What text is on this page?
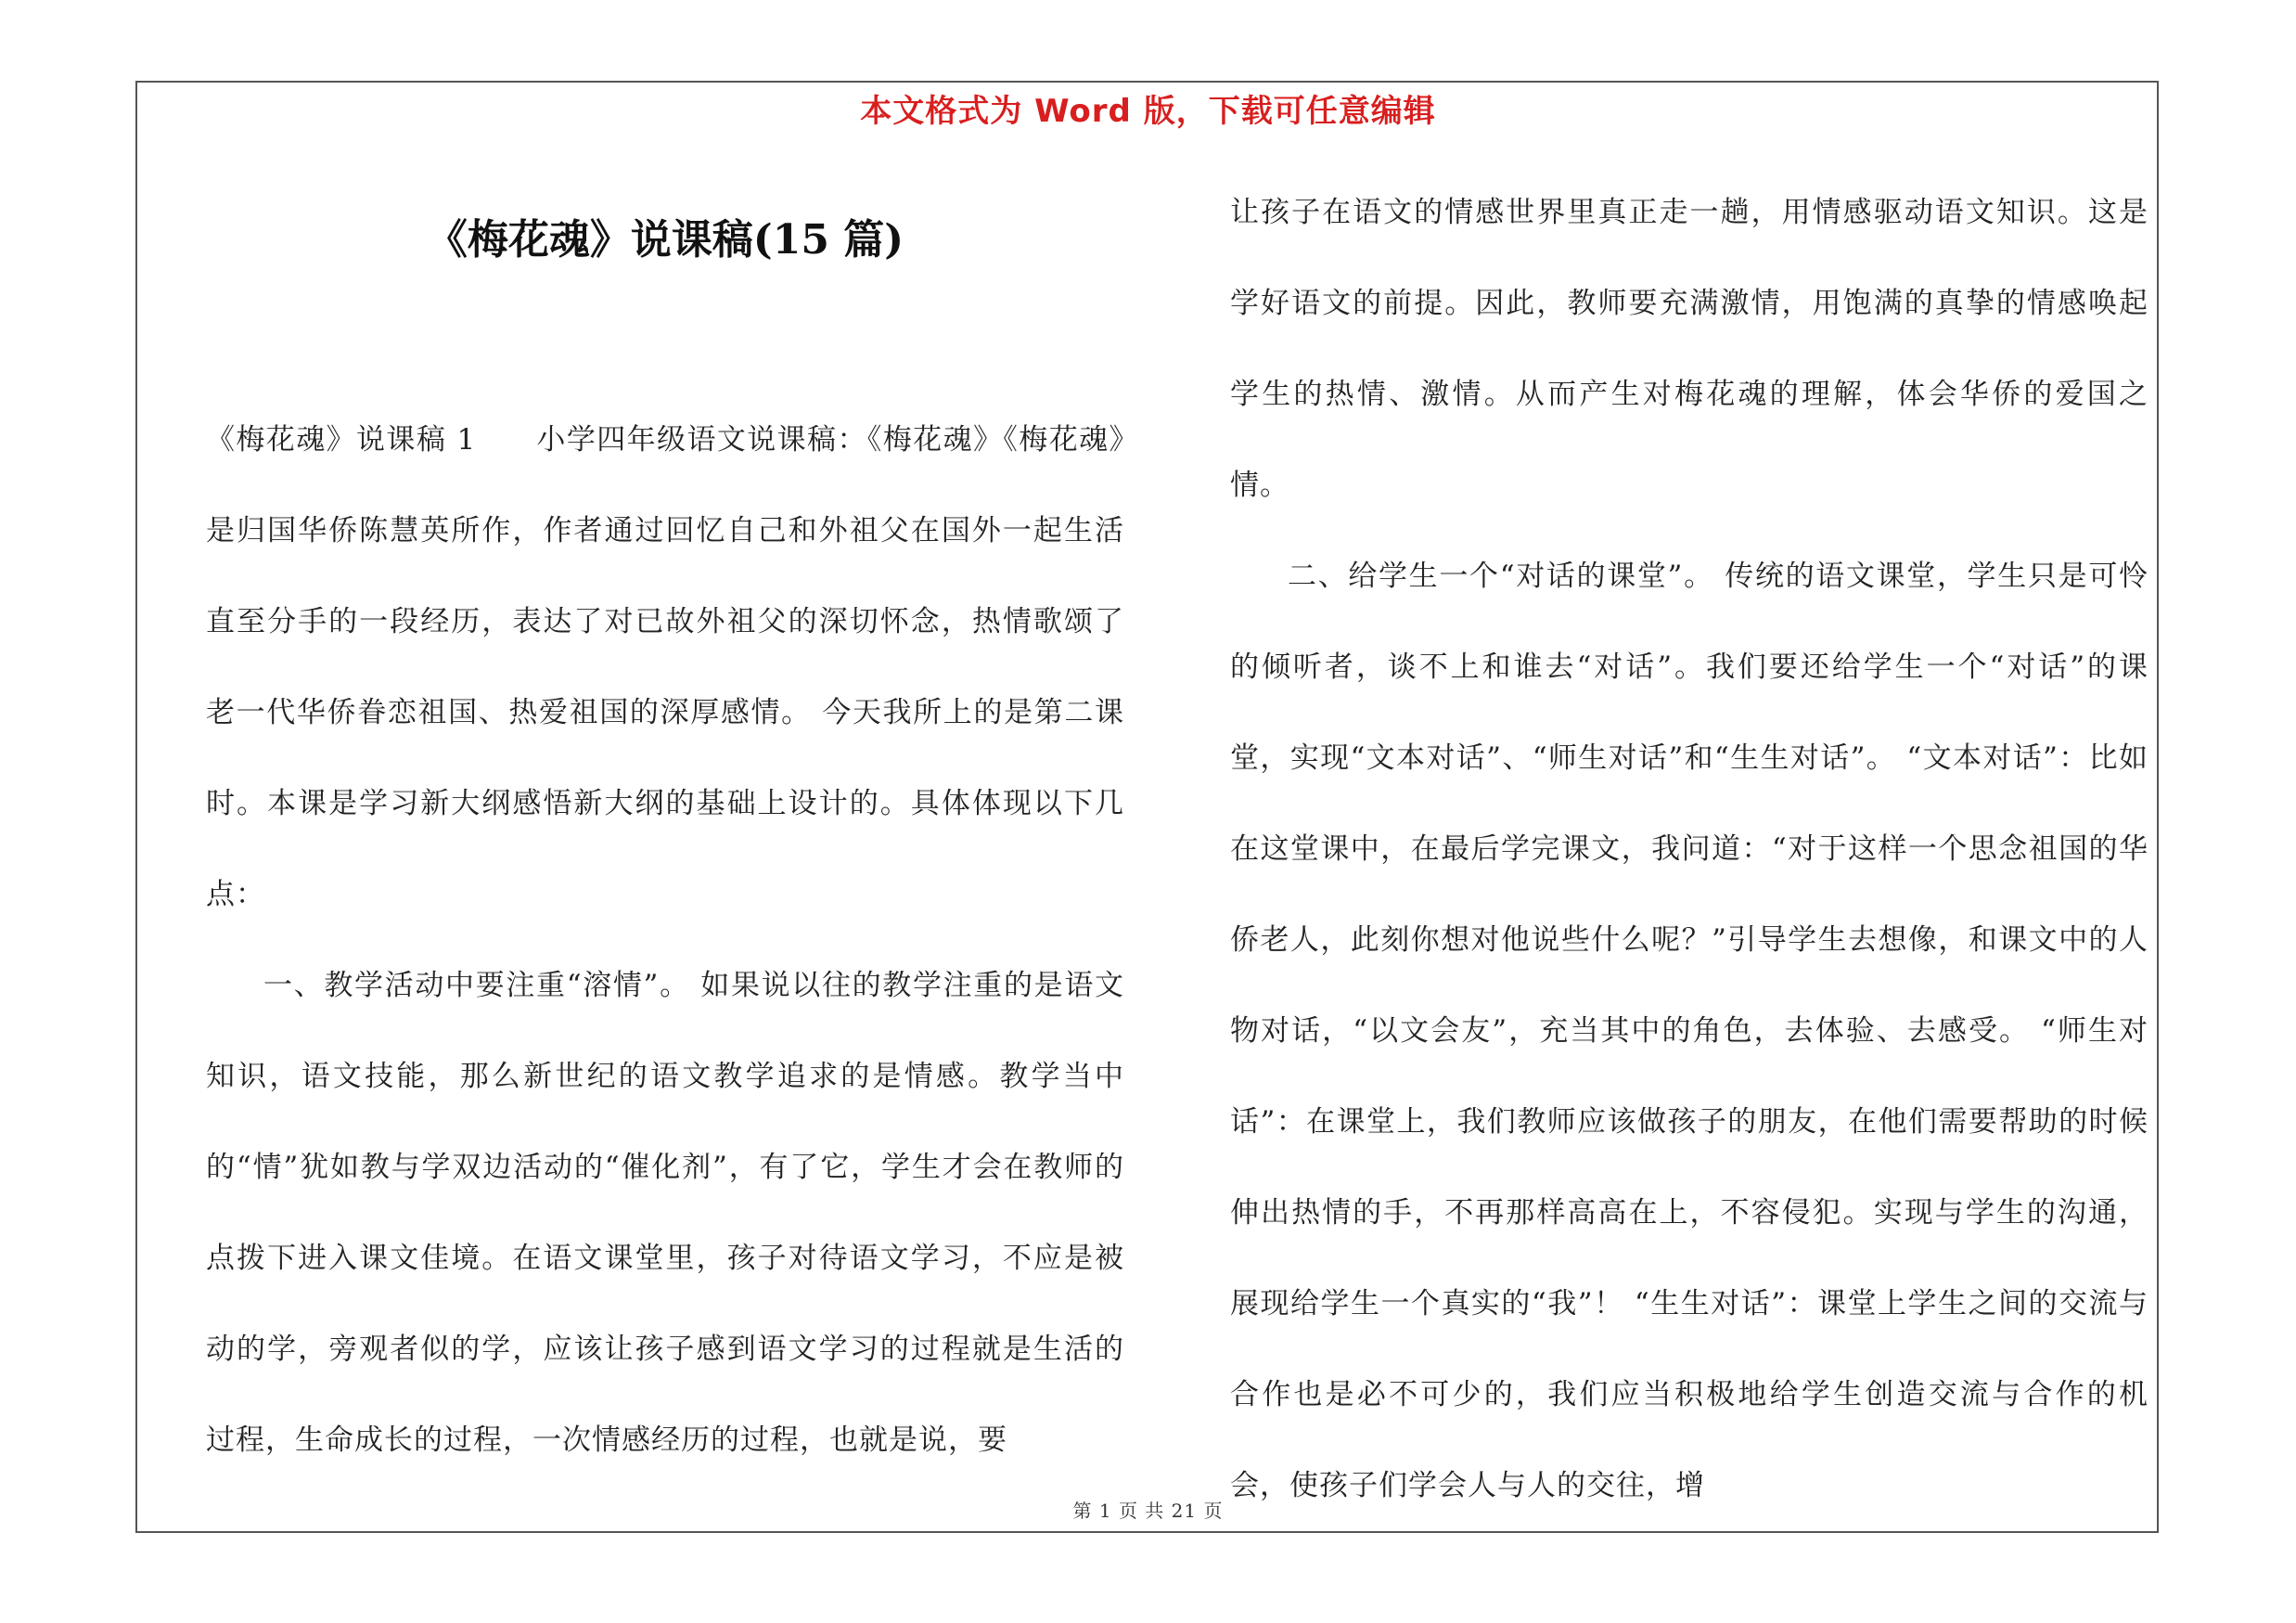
本文格式为 Word 版，下载可任意编辑
《梅花魂》说课稿(15 篇)

《梅花魂》说课稿 1　　小学四年级语文说课稿：《梅花魂》《梅花魂》是归国华侨陈慧英所作，作者通过回忆自己和外祖父在国外一起生活直至分手的一段经历，表达了对已故外祖父的深切怀念，热情歌颂了老一代华侨眷恋祖国、热爱祖国的深厚感情。 今天我所上的是第二课时。本课是学习新大纲感悟新大纲的基础上设计的。具体体现以下几点：

一、教学活动中要注重“溶情”。 如果说以往的教学注重的是语文知识，语文技能，那么新世纪的语文教学追求的是情感。教学当中的“情”犹如教与学双边活动的“催化剂”，有了它，学生才会在教师的点拨下进入课文佳境。在语文课堂里，孩子对待语文学习，不应是被动的学，旁观者似的学，应该让孩子感到语文学习的过程就是生活的过程，生命成长的过程，一次情感经历的过程，也就是说，要

让孩子在语文的情感世界里真正走一趟，用情感驱动语文知识。这是学好语文的前提。因此，教师要充满激情，用饱满的真挚的情感唤起学生的热情、激情。从而产生对梅花魂的理解，体会华侨的爱国之情。

二、给学生一个“对话的课堂”。 传统的语文课堂，学生只是可怜的倾听者，谈不上和谁去“对话”。我们要还给学生一个“对话”的课堂，实现“文本对话”、“师生对话”和“生生对话”。 “文本对话”：比如在这堂课中，在最后学完课文，我问道：“对于这样一个思念祖国的华侨老人，此刻你想对他说些什么呢？”引导学生去想像，和课文中的人物对话，“以文会友”，充当其中的角色，去体验、去感受。 “师生对话”：在课堂上，我们教师应该做孩子的朋友，在他们需要帮助的时候伸出热情的手，不再那样高高在上，不容侵犯。实现与学生的沟通，展现给学生一个真实的“我”！ “生生对话”：课堂上学生之间的交流与合作也是必不可少的，我们应当积极地给学生创造交流与合作的机会，使孩子们学会人与人的交往，增

第 1 页 共 21 页
